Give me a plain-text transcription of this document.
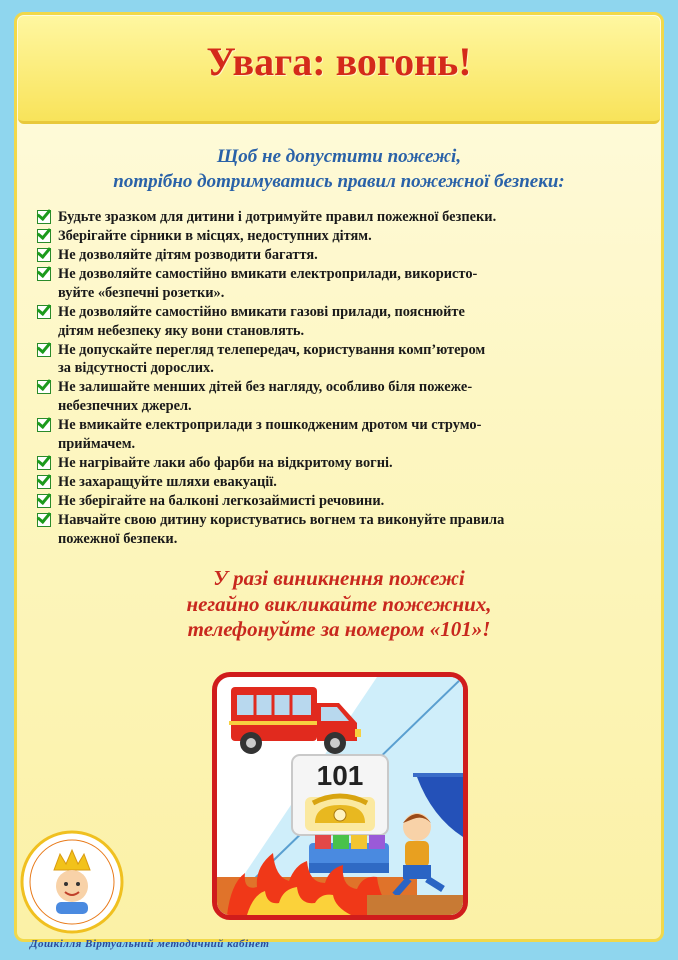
Увага: вогонь!
Щоб не допустити пожежі,
потрібно дотримуватись правил пожежної безпеки:
Будьте зразком для дитини і дотримуйте правил пожежної безпеки.
Зберігайте сірники в місцях, недоступних дітям.
Не дозволяйте дітям розводити багаття.
Не дозволяйте самостійно вмикати електроприлади, використо-
вуйте «безпечні розетки».
Не дозволяйте самостійно вмикати газові прилади, пояснюйте
дітям небезпеку яку вони становлять.
Не допускайте перегляд телепередач, користування комп’ютером
за відсутності дорослих.
Не залишайте менших дітей без нагляду, особливо біля пожеже-
небезпечних джерел.
Не вмикайте електроприлади з пошкодженим дротом чи струмо-
приймачем.
Не нагрівайте лаки або фарби на відкритому вогні.
Не захаращуйте шляхи евакуації.
Не зберігайте на балконі легкозаймисті речовини.
Навчайте свою дитину користуватись вогнем та виконуйте правила
пожежної безпеки.
У разі виникнення пожежі
негайно викликайте пожежних,
телефонуйте за номером «101»!
101
Дошкілля Віртуальний методичний кабінет
